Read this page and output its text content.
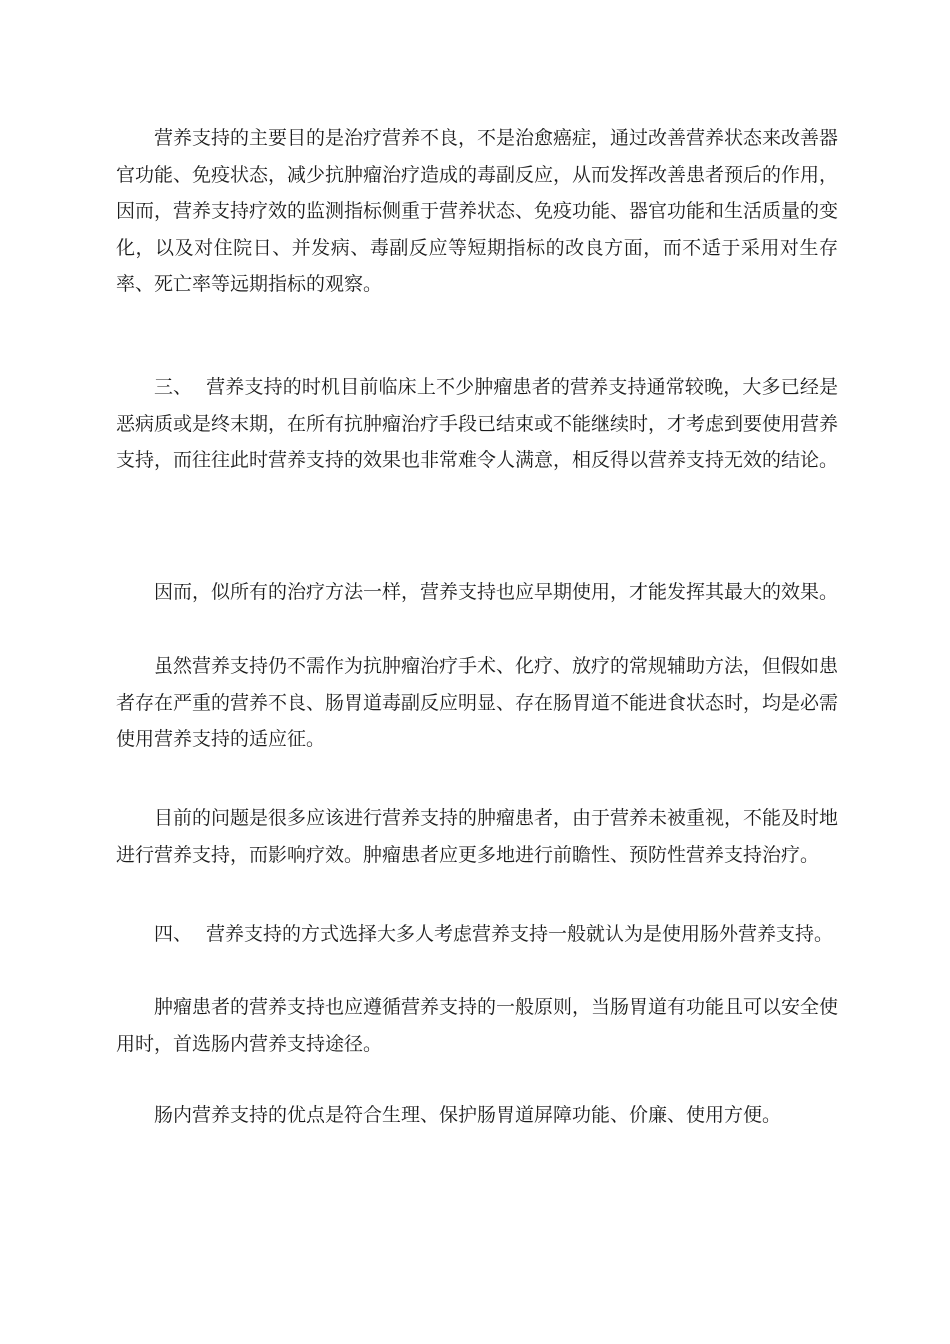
营养支持的主要目的是治疗营养不良，不是治愈癌症，通过改善营养状态来改善器官功能、免疫状态，减少抗肿瘤治疗造成的毒副反应，从而发挥改善患者预后的作用，因而，营养支持疗效的监测指标侧重于营养状态、免疫功能、器官功能和生活质量的变化，以及对住院日、并发病、毒副反应等短期指标的改良方面，而不适于采用对生存率、死亡率等远期指标的观察。

三、 营养支持的时机目前临床上不少肿瘤患者的营养支持通常较晚，大多已经是恶病质或是终末期，在所有抗肿瘤治疗手段已结束或不能继续时，才考虑到要使用营养支持，而往往此时营养支持的效果也非常难令人满意，相反得以营养支持无效的结论。

因而，似所有的治疗方法一样，营养支持也应早期使用，才能发挥其最大的效果。

虽然营养支持仍不需作为抗肿瘤治疗手术、化疗、放疗的常规辅助方法，但假如患者存在严重的营养不良、肠胃道毒副反应明显、存在肠胃道不能进食状态时，均是必需使用营养支持的适应征。

目前的问题是很多应该进行营养支持的肿瘤患者，由于营养未被重视，不能及时地进行营养支持，而影响疗效。肿瘤患者应更多地进行前瞻性、预防性营养支持治疗。

四、 营养支持的方式选择大多人考虑营养支持一般就认为是使用肠外营养支持。

肿瘤患者的营养支持也应遵循营养支持的一般原则，当肠胃道有功能且可以安全使用时，首选肠内营养支持途径。

肠内营养支持的优点是符合生理、保护肠胃道屏障功能、价廉、使用方便。
